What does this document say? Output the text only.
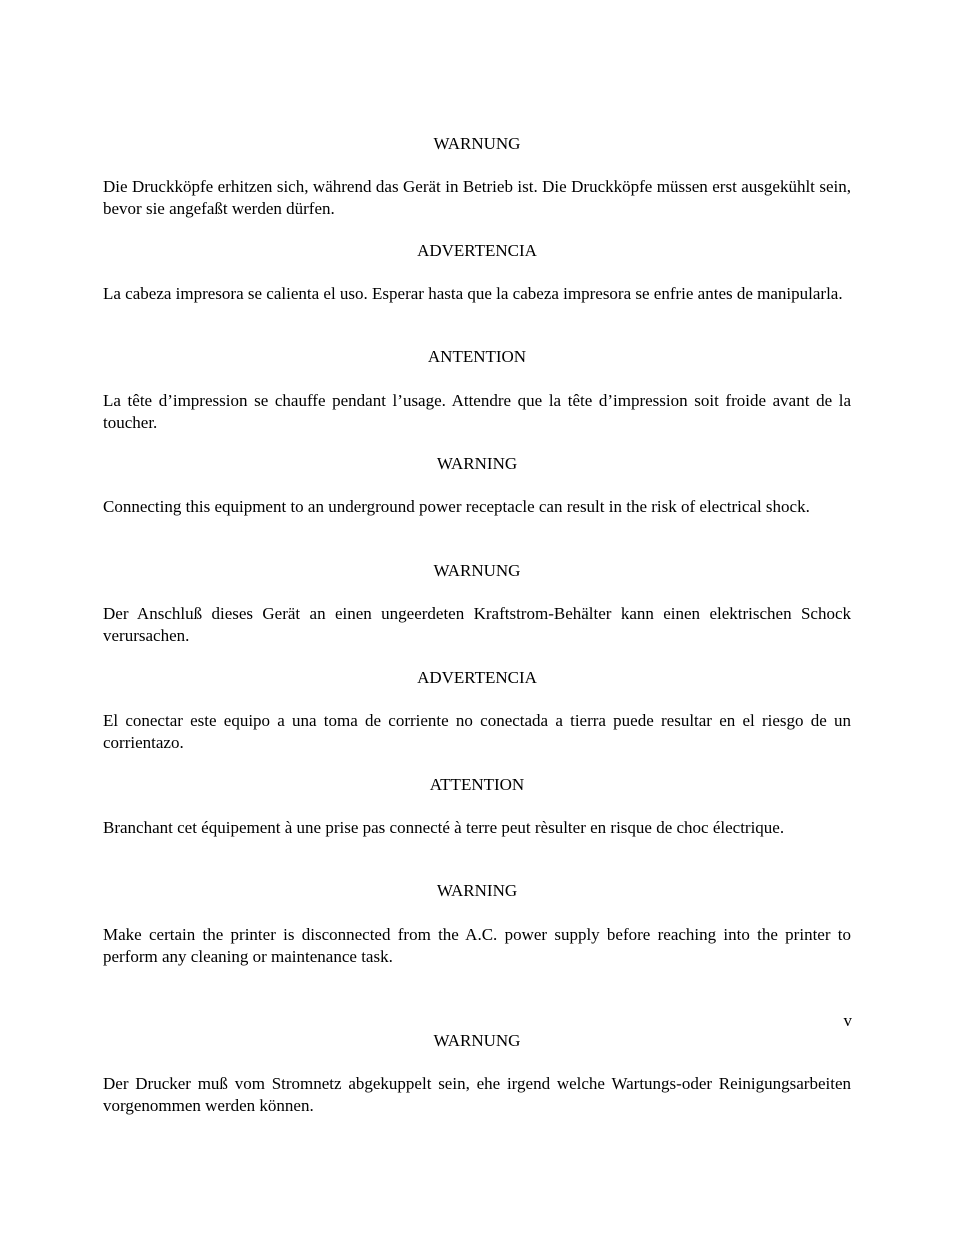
WARNUNG

Die Druckköpfe erhitzen sich, während das Gerät in Betrieb ist. Die Druckköpfe müssen erst ausgekühlt sein, bevor sie angefaßt werden dürfen.

ADVERTENCIA

La cabeza impresora se calienta el uso. Esperar hasta que la cabeza impresora se enfrie antes de manipularla.

ANTENTION

La tête d’impression se chauffe pendant l’usage. Attendre que la tête d’impression soit froide avant de la toucher.

WARNING

Connecting this equipment to an underground power receptacle can result in the risk of electrical shock.

WARNUNG

Der Anschluß dieses Gerät an einen ungeerdeten Kraftstrom-Behälter kann einen elektrischen Schock verursachen.

ADVERTENCIA

El conectar este equipo a una toma de corriente no conectada a tierra puede resultar en el riesgo de un corrientazo.

ATTENTION

Branchant cet équipement à une prise pas connecté à terre peut rèsulter en risque de choc électrique.

WARNING

Make certain the printer is disconnected from the A.C. power supply before reaching into the printer to perform any cleaning or maintenance task.

v
WARNUNG

Der Drucker muß vom Stromnetz abgekuppelt sein, ehe irgend welche Wartungs-oder Reinigungsarbeiten vorgenommen werden können.
